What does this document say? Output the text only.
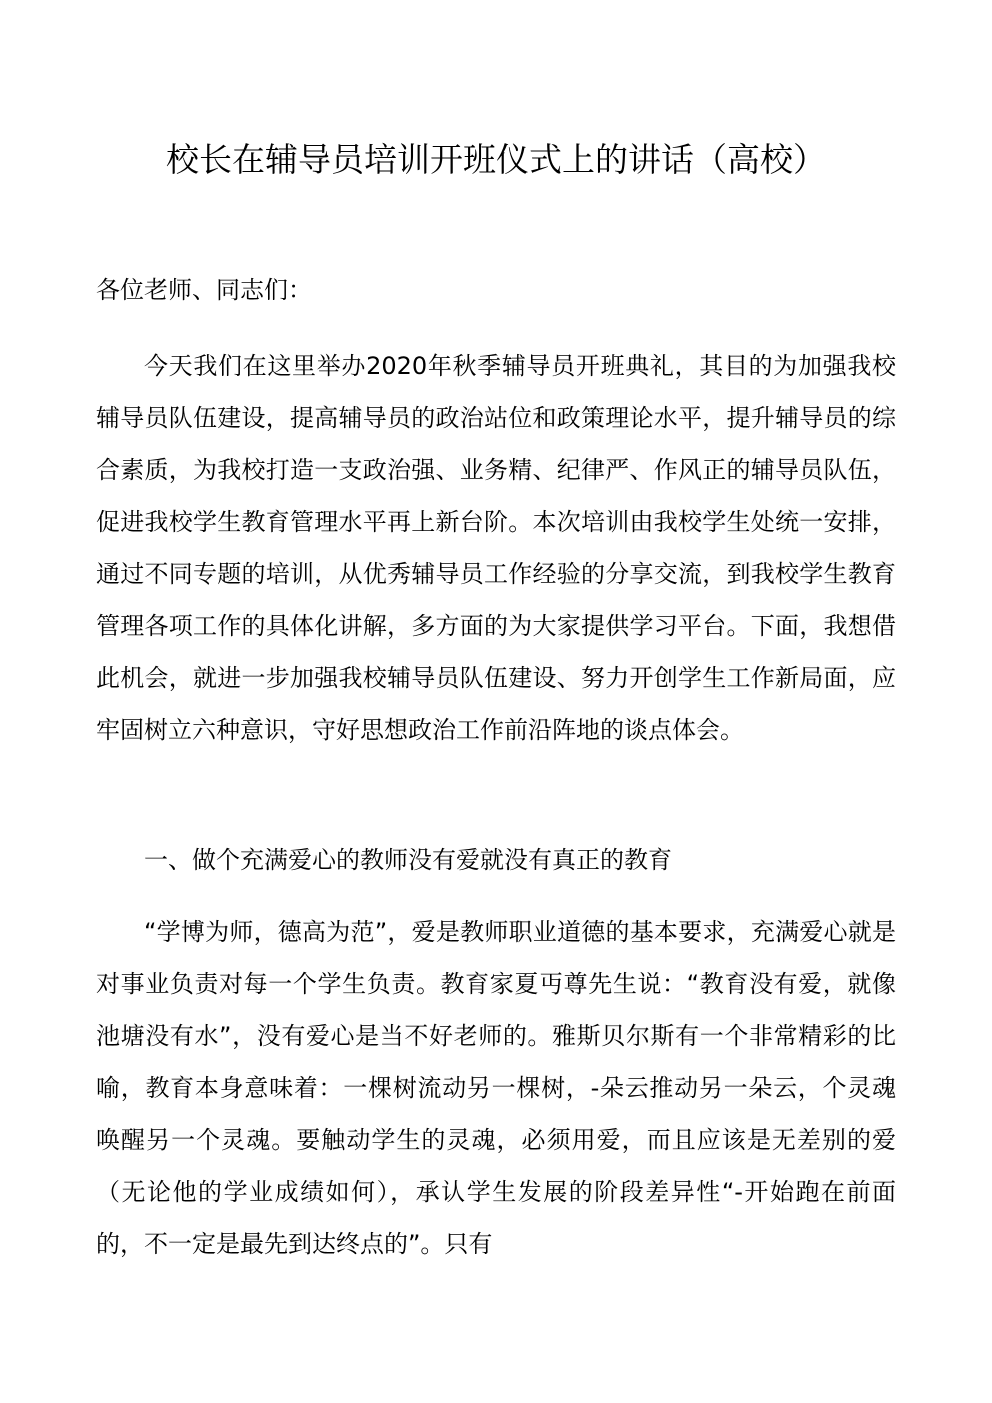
校长在辅导员培训开班仪式上的讲话（高校）

各位老师、同志们：

今天我们在这里举办2020年秋季辅导员开班典礼，其目的为加强我校辅导员队伍建设，提高辅导员的政治站位和政策理论水平，提升辅导员的综合素质，为我校打造一支政治强、业务精、纪律严、作风正的辅导员队伍，促进我校学生教育管理水平再上新台阶。本次培训由我校学生处统一安排，通过不同专题的培训，从优秀辅导员工作经验的分享交流，到我校学生教育管理各项工作的具体化讲解，多方面的为大家提供学习平台。下面，我想借此机会，就进一步加强我校辅导员队伍建设、努力开创学生工作新局面，应牢固树立六种意识，守好思想政治工作前沿阵地的谈点体会。

一、做个充满爱心的教师没有爱就没有真正的教育

“学博为师，德高为范”，爱是教师职业道德的基本要求，充满爱心就是对事业负责对每一个学生负责。教育家夏丏尊先生说：“教育没有爱，就像池塘没有水”，没有爱心是当不好老师的。雅斯贝尔斯有一个非常精彩的比喻，教育本身意味着：一棵树流动另一棵树，-朵云推动另一朵云，个灵魂唤醒另一个灵魂。要触动学生的灵魂，必须用爱，而且应该是无差别的爱（无论他的学业成绩如何），承认学生发展的阶段差异性“-开始跑在前面的，不一定是最先到达终点的”。只有
